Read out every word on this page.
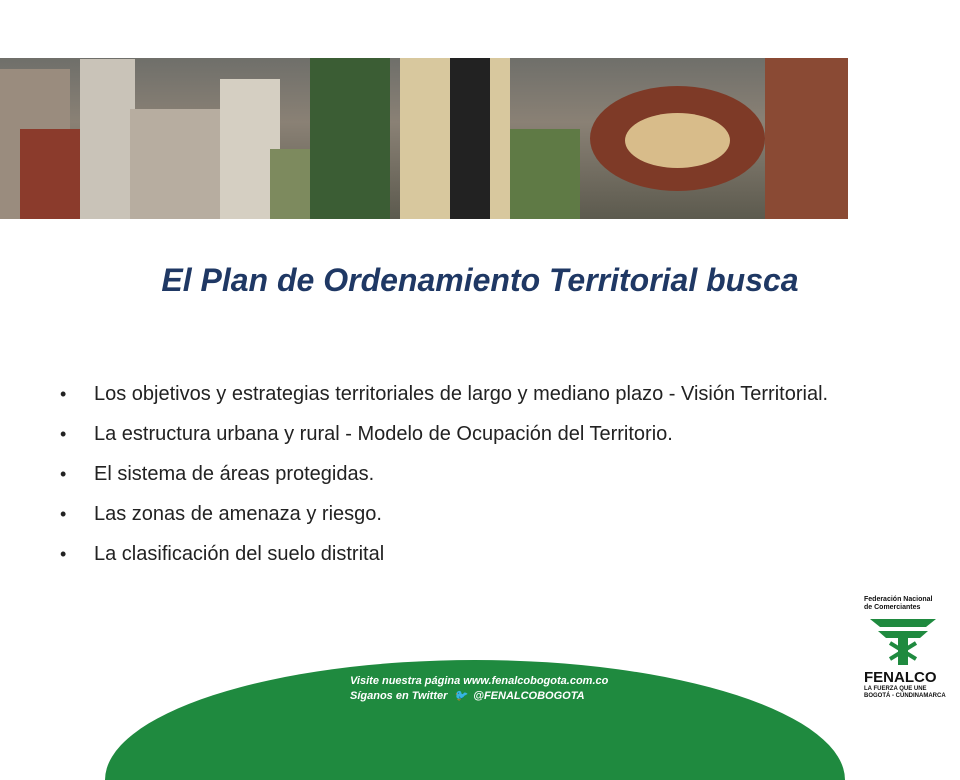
El Plan de Ordenamiento Territorial busca
• Los objetivos y estrategias territoriales de largo y mediano plazo - Visión Territorial.
• La estructura urbana y rural - Modelo de Ocupación del Territorio.
• El sistema de áreas protegidas.
• Las zonas de amenaza y riesgo.
• La clasificación del suelo distrital
Visite nuestra página www.fenalcobogota.com.co
Síganos en Twitter 🐦 @FENALCOBOGOTA
Federación Nacional
de Comerciantes
FENALCO
LA FUERZA QUE UNE
BOGOTÁ - CUNDINAMARCA
